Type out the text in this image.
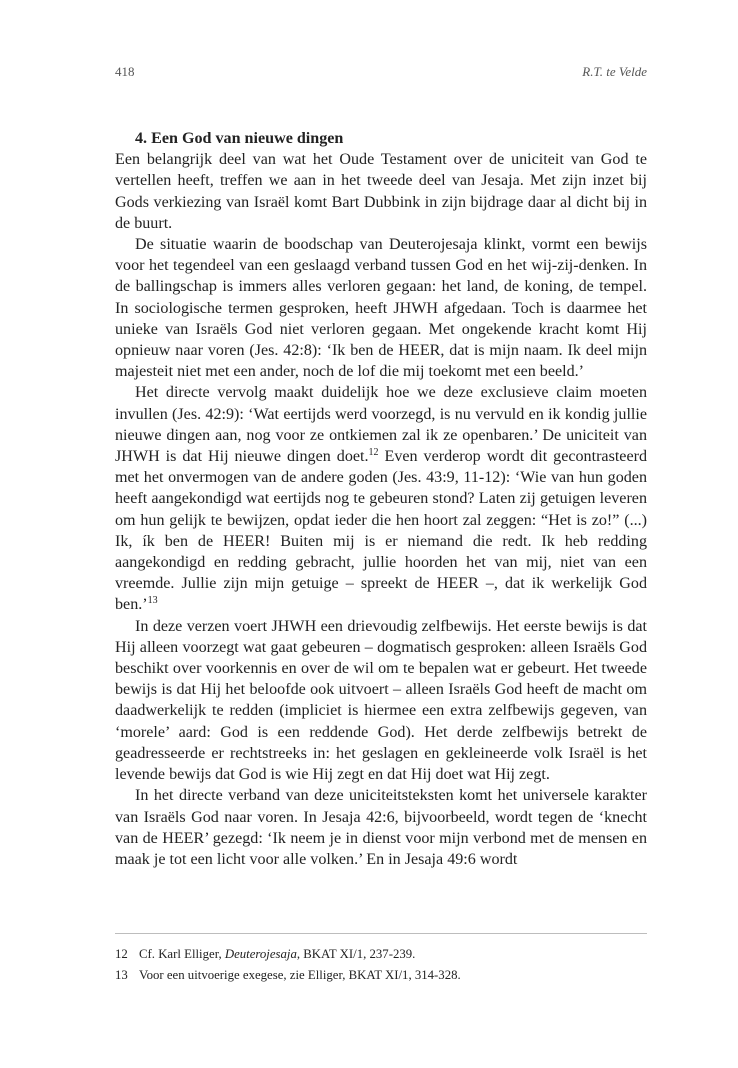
418	R.T. te Velde
4. Een God van nieuwe dingen

Een belangrijk deel van wat het Oude Testament over de uniciteit van God te vertellen heeft, treffen we aan in het tweede deel van Jesaja. Met zijn inzet bij Gods verkiezing van Israël komt Bart Dubbink in zijn bijdrage daar al dicht bij in de buurt.

De situatie waarin de boodschap van Deuterojesaja klinkt, vormt een bewijs voor het tegendeel van een geslaagd verband tussen God en het wij-zij-denken. In de ballingschap is immers alles verloren gegaan: het land, de koning, de tempel. In sociologische termen gesproken, heeft JHWH afgedaan. Toch is daarmee het unieke van Israëls God niet verloren gegaan. Met ongekende kracht komt Hij opnieuw naar voren (Jes. 42:8): ‘Ik ben de HEER, dat is mijn naam. Ik deel mijn majesteit niet met een ander, noch de lof die mij toekomt met een beeld.’

Het directe vervolg maakt duidelijk hoe we deze exclusieve claim moeten invullen (Jes. 42:9): ‘Wat eertijds werd voorzegd, is nu vervuld en ik kondig jullie nieuwe dingen aan, nog voor ze ontkiemen zal ik ze openbaren.’ De uniciteit van JHWH is dat Hij nieuwe dingen doet.$^{12}$ Even verderop wordt dit gecontrasteerd met het onvermogen van de andere goden (Jes. 43:9, 11-12): ‘Wie van hun goden heeft aangekondigd wat eertijds nog te gebeuren stond? Laten zij getuigen leveren om hun gelijk te bewijzen, opdat ieder die hen hoort zal zeggen: “Het is zo!” (...) Ik, ík ben de HEER! Buiten mij is er niemand die redt. Ik heb redding aangekondigd en redding gebracht, jullie hoorden het van mij, niet van een vreemde. Jullie zijn mijn getuige – spreekt de HEER –, dat ik werkelijk God ben.’$^{13}$

In deze verzen voert JHWH een drievoudig zelfbewijs. Het eerste bewijs is dat Hij alleen voorzegt wat gaat gebeuren – dogmatisch gesproken: alleen Israëls God beschikt over voorkennis en over de wil om te bepalen wat er gebeurt. Het tweede bewijs is dat Hij het beloofde ook uitvoert – alleen Israëls God heeft de macht om daadwerkelijk te redden (impliciet is hiermee een extra zelfbewijs gegeven, van ‘morele’ aard: God is een reddende God). Het derde zelfbewijs betrekt de geadresseerde er rechtstreeks in: het geslagen en gekleineerde volk Israël is het levende bewijs dat God is wie Hij zegt en dat Hij doet wat Hij zegt.

In het directe verband van deze uniciteitsteksten komt het universele karakter van Israëls God naar voren. In Jesaja 42:6, bijvoorbeeld, wordt tegen de ‘knecht van de HEER’ gezegd: ‘Ik neem je in dienst voor mijn verbond met de mensen en maak je tot een licht voor alle volken.’ En in Jesaja 49:6 wordt

12 Cf. Karl Elliger, Deuterojesaja, BKAT XI/1, 237-239.
13 Voor een uitvoerige exegese, zie Elliger, BKAT XI/1, 314-328.
